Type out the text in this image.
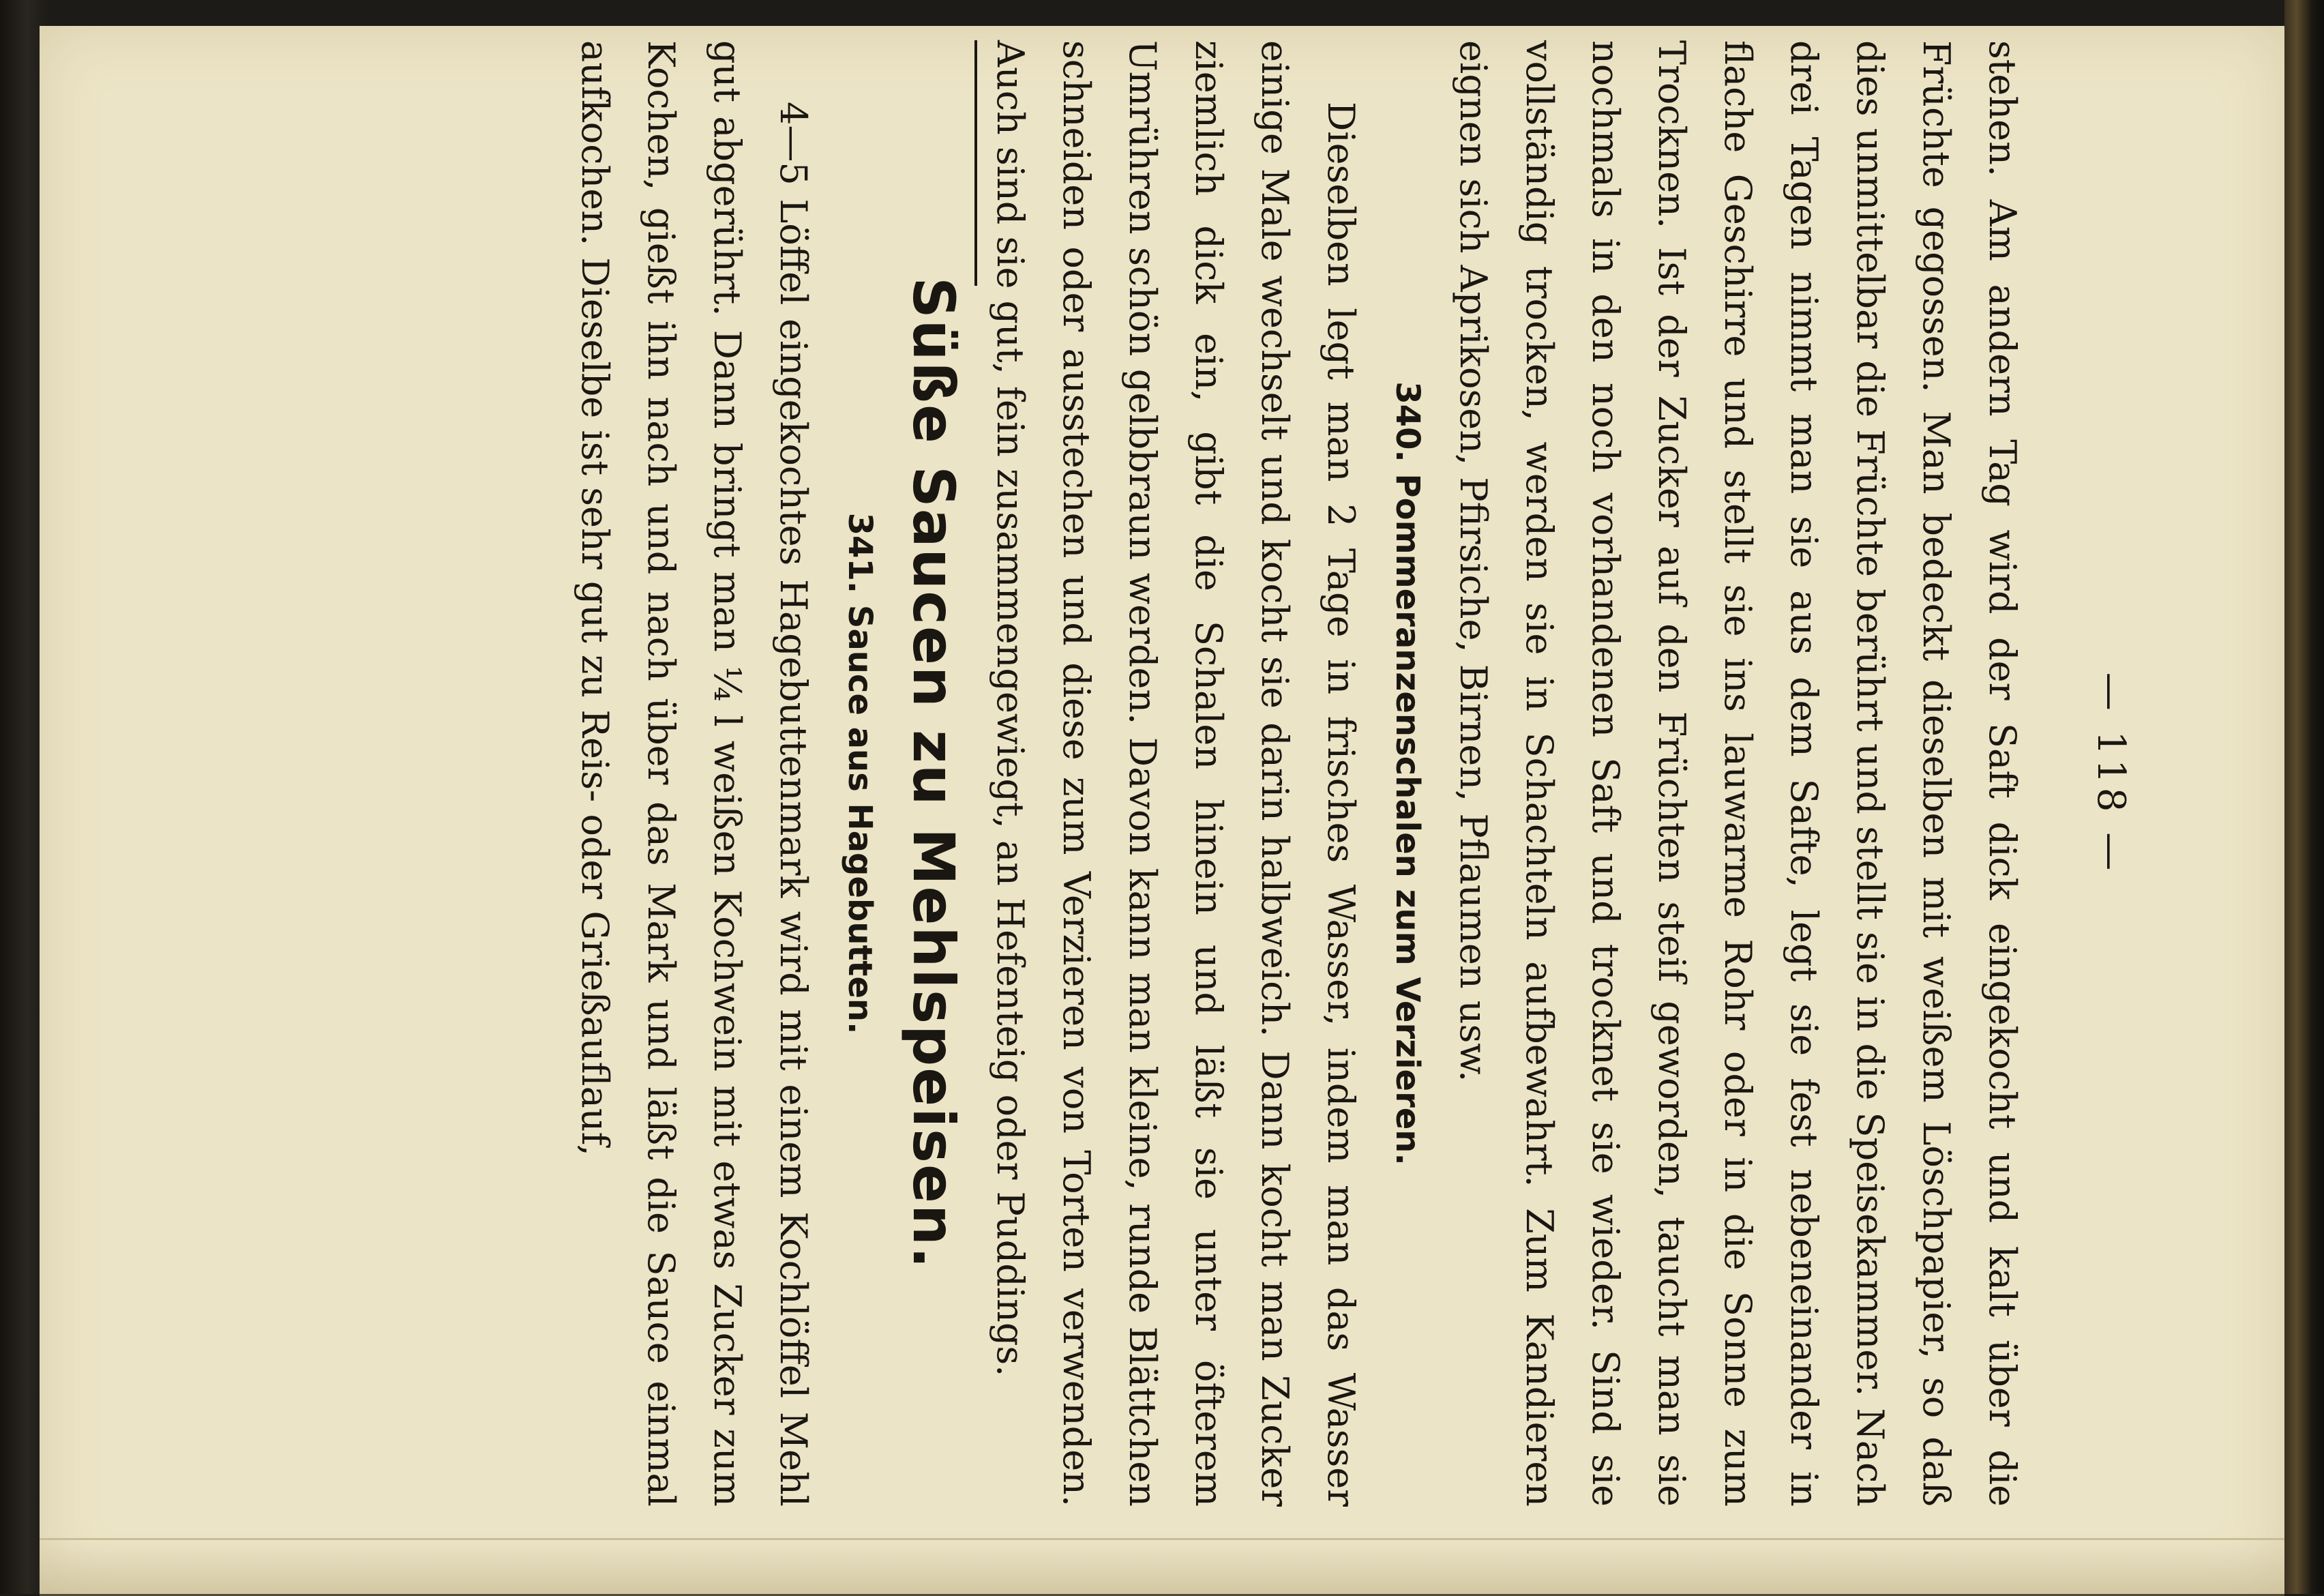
— 118 —

stehen. Am andern Tag wird der Saft dick eingekocht und kalt über die Früchte gegossen. Man bedeckt dieselben mit weißem Löschpapier, so daß dies unmittelbar die Früchte berührt und stellt sie in die Speisekammer. Nach drei Tagen nimmt man sie aus dem Safte, legt sie fest nebeneinander in flache Geschirre und stellt sie ins lauwarme Rohr oder in die Sonne zum Trocknen. Ist der Zucker auf den Früchten steif geworden, taucht man sie nochmals in den noch vorhandenen Saft und trocknet sie wieder. Sind sie vollständig trocken, werden sie in Schachteln aufbewahrt. Zum Kandieren eignen sich Aprikosen, Pfirsiche, Birnen, Pflaumen usw.

340. Pommeranzenschalen zum Verzieren.

Dieselben legt man 2 Tage in frisches Wasser, indem man das Wasser einige Male wechselt und kocht sie darin halbweich. Dann kocht man Zucker ziemlich dick ein, gibt die Schalen hinein und läßt sie unter öfterem Umrühren schön gelbbraun werden. Davon kann man kleine, runde Blättchen schneiden oder ausstechen und diese zum Verzieren von Torten verwenden. Auch sind sie gut, fein zusammengewiegt, an Hefenteig oder Puddings.

Süße Saucen zu Mehlspeisen.
341. Sauce aus Hagebutten.

4—5 Löffel eingekochtes Hagebuttenmark wird mit einem Kochlöffel Mehl gut abgerührt. Dann bringt man ¼ l weißen Kochwein mit etwas Zucker zum Kochen, gießt ihn nach und nach über das Mark und läßt die Sauce einmal aufkochen. Dieselbe ist sehr gut zu Reis- oder Grießauflauf,
